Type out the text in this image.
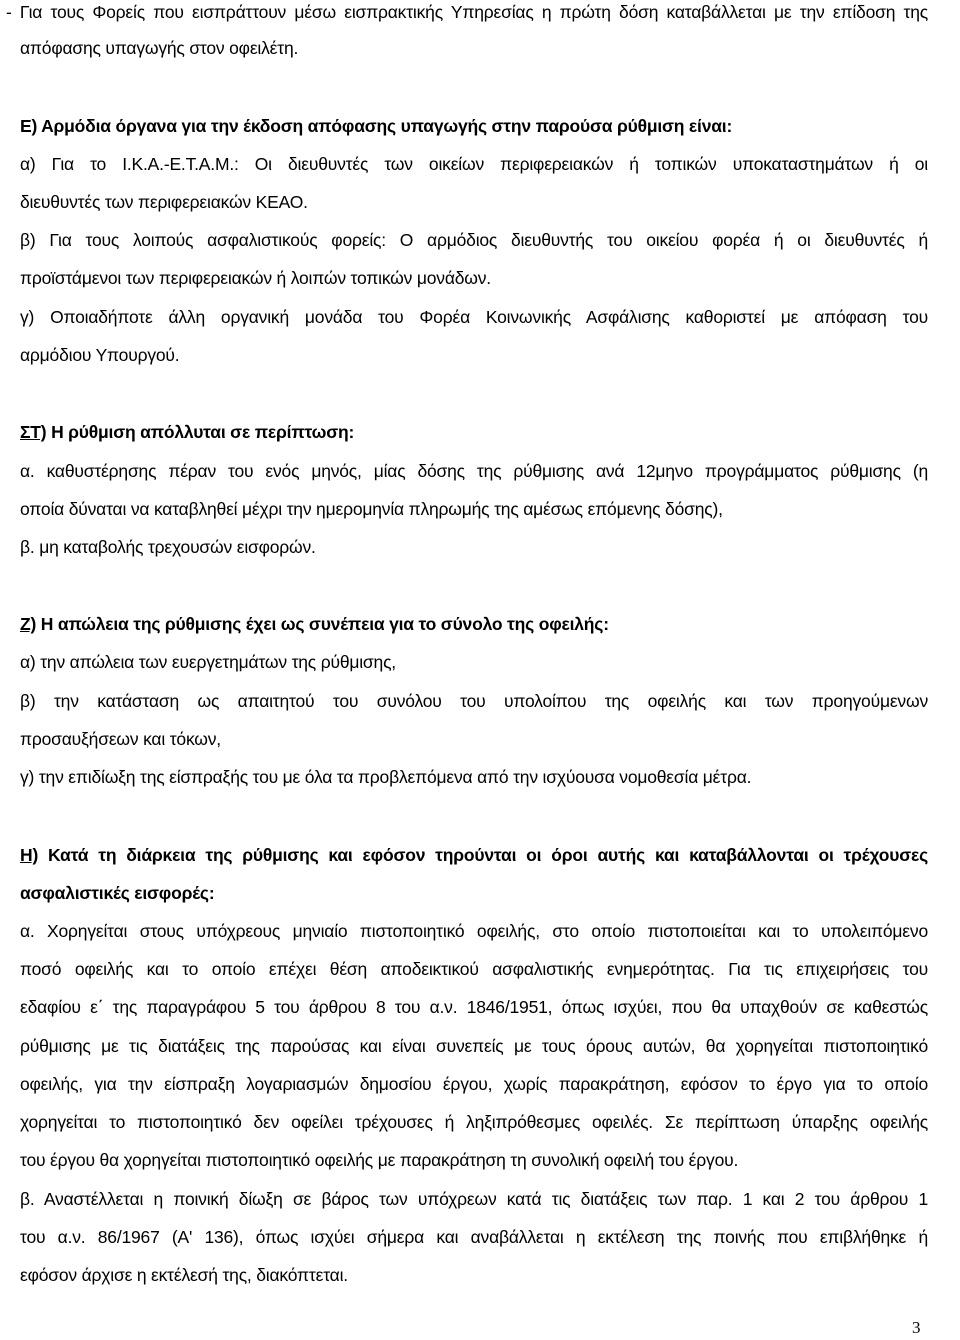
- Για τους Φορείς που εισπράττουν μέσω εισπρακτικής Υπηρεσίας η πρώτη δόση καταβάλλεται με την επίδοση της
απόφασης υπαγωγής στον οφειλέτη.
Ε) Αρμόδια όργανα για την έκδοση απόφασης υπαγωγής στην παρούσα ρύθμιση είναι:
α) Για το Ι.Κ.Α.-Ε.Τ.Α.Μ.: Οι διευθυντές των οικείων περιφερειακών ή τοπικών υποκαταστημάτων ή οι
διευθυντές των περιφερειακών ΚΕΑΟ.
β) Για τους λοιπούς ασφαλιστικούς φορείς: Ο αρμόδιος διευθυντής του οικείου φορέα ή οι διευθυντές ή
προϊστάμενοι των περιφερειακών ή λοιπών τοπικών μονάδων.
γ) Οποιαδήποτε άλλη οργανική μονάδα του Φορέα Κοινωνικής Ασφάλισης καθοριστεί με απόφαση του
αρμόδιου Υπουργού.
ΣΤ) Η ρύθμιση απόλλυται σε περίπτωση:
α. καθυστέρησης πέραν του ενός μηνός, μίας δόσης της ρύθμισης ανά 12μηνο προγράμματος ρύθμισης (η
οποία δύναται να καταβληθεί μέχρι την ημερομηνία πληρωμής της αμέσως επόμενης δόσης),
β. μη καταβολής τρεχουσών εισφορών.
Ζ) Η απώλεια της ρύθμισης έχει ως συνέπεια για το σύνολο της οφειλής:
α) την απώλεια των ευεργετημάτων της ρύθμισης,
β) την κατάσταση ως απαιτητού του συνόλου του υπολοίπου της οφειλής και των προηγούμενων
προσαυξήσεων και τόκων,
γ) την επιδίωξη της είσπραξής του με όλα τα προβλεπόμενα από την ισχύουσα νομοθεσία μέτρα.
Η) Κατά τη διάρκεια της ρύθμισης και εφόσον τηρούνται οι όροι αυτής και καταβάλλονται οι τρέχουσες
ασφαλιστικές εισφορές:
α. Χορηγείται στους υπόχρεους μηνιαίο πιστοποιητικό οφειλής, στο οποίο πιστοποιείται και το υπολειπόμενο
ποσό οφειλής και το οποίο επέχει θέση αποδεικτικού ασφαλιστικής ενημερότητας. Για τις επιχειρήσεις του
εδαφίου ε΄ της παραγράφου 5 του άρθρου 8 του α.ν. 1846/1951, όπως ισχύει, που θα υπαχθούν σε καθεστώς
ρύθμισης με τις διατάξεις της παρούσας και είναι συνεπείς με τους όρους αυτών, θα χορηγείται πιστοποιητικό
οφειλής, για την είσπραξη λογαριασμών δημοσίου έργου, χωρίς παρακράτηση, εφόσον το έργο για το οποίο
χορηγείται το πιστοποιητικό δεν οφείλει τρέχουσες ή ληξιπρόθεσμες οφειλές. Σε περίπτωση ύπαρξης οφειλής
του έργου θα χορηγείται πιστοποιητικό οφειλής με παρακράτηση τη συνολική οφειλή του έργου.
β. Αναστέλλεται η ποινική δίωξη σε βάρος των υπόχρεων κατά τις διατάξεις των παρ. 1 και 2 του άρθρου 1
του α.ν. 86/1967 (Α' 136), όπως ισχύει σήμερα και αναβάλλεται η εκτέλεση της ποινής που επιβλήθηκε ή
εφόσον άρχισε η εκτέλεσή της, διακόπτεται.
3
